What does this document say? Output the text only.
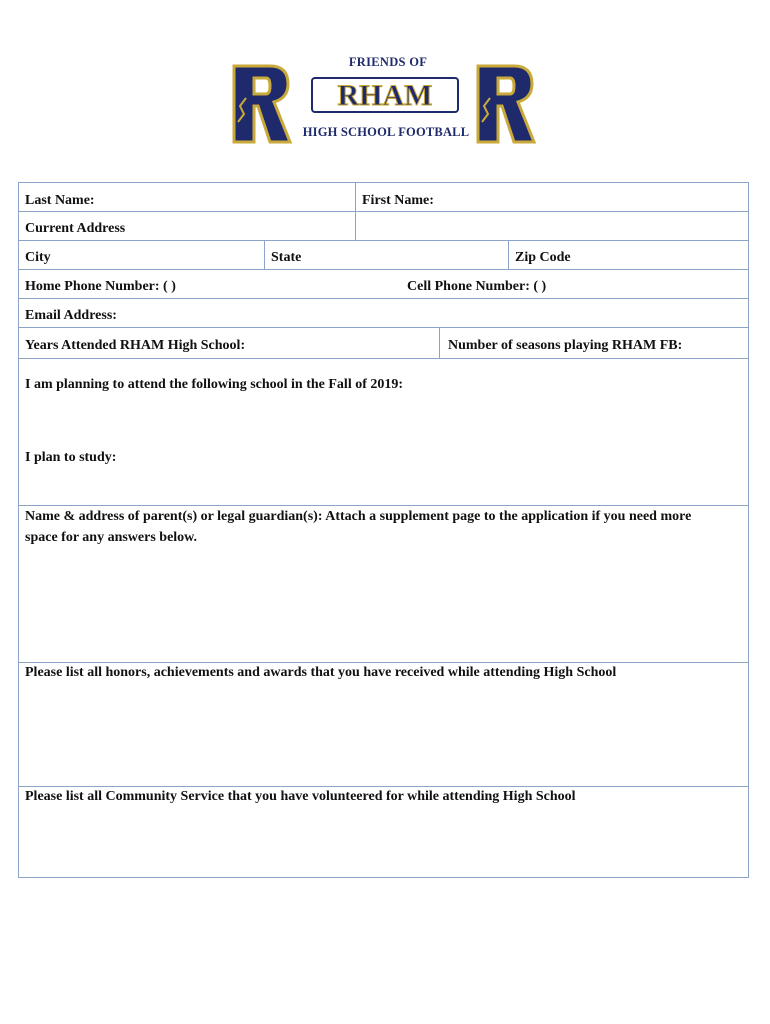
FRIENDS OF
RHAM
HIGH SCHOOL FOOTBALL
Last Name:	First Name:
Current Address
City	State	Zip Code
Home Phone Number: ( )	Cell Phone Number: ( )
Email Address:
Years Attended RHAM High School:	Number of seasons playing RHAM FB:
I am planning to attend the following school in the Fall of 2019:
I plan to study:
Name & address of parent(s) or legal guardian(s): Attach a supplement page to the application if you need more space for any answers below.
Please list all honors, achievements and awards that you have received while attending High School
Please list all Community Service that you have volunteered for while attending High School
